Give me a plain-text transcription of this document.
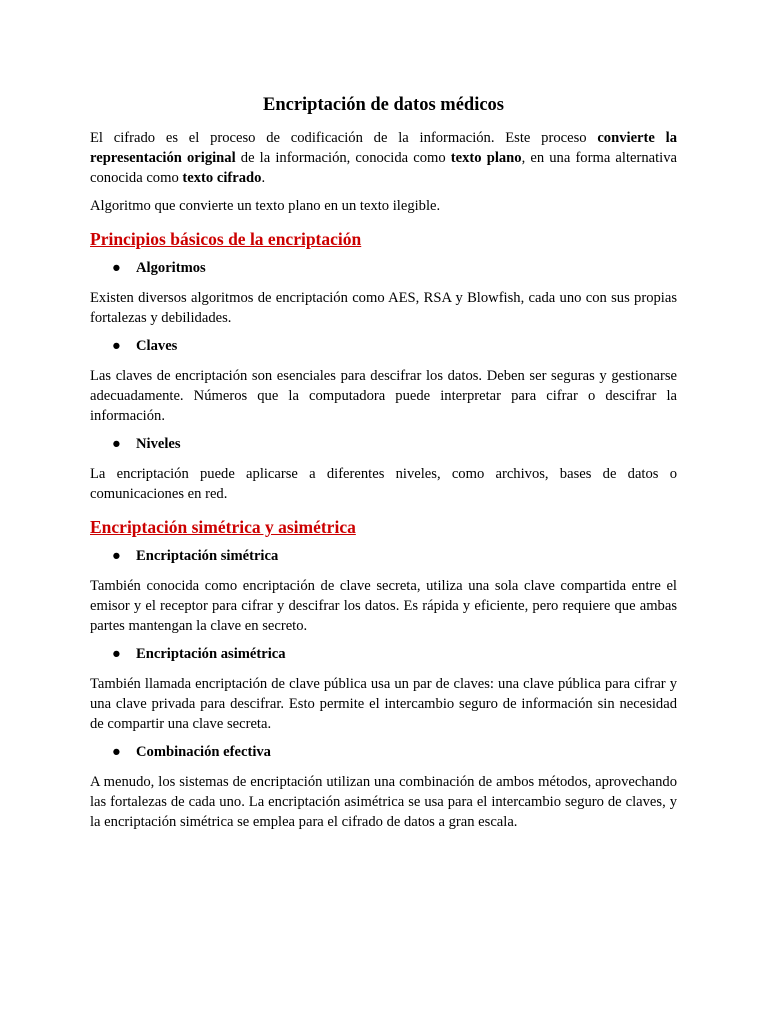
Encriptación de datos médicos

El cifrado es el proceso de codificación de la información. Este proceso convierte la representación original de la información, conocida como texto plano, en una forma alternativa conocida como texto cifrado.

Algoritmo que convierte un texto plano en un texto ilegible.

Principios básicos de la encriptación
● Algoritmos

Existen diversos algoritmos de encriptación como AES, RSA y Blowfish, cada uno con sus propias fortalezas y debilidades.

● Claves

Las claves de encriptación son esenciales para descifrar los datos. Deben ser seguras y gestionarse adecuadamente. Números que la computadora puede interpretar para cifrar o descifrar la información.

● Niveles

La encriptación puede aplicarse a diferentes niveles, como archivos, bases de datos o comunicaciones en red.

Encriptación simétrica y asimétrica
● Encriptación simétrica

También conocida como encriptación de clave secreta, utiliza una sola clave compartida entre el emisor y el receptor para cifrar y descifrar los datos. Es rápida y eficiente, pero requiere que ambas partes mantengan la clave en secreto.

● Encriptación asimétrica

También llamada encriptación de clave pública usa un par de claves: una clave pública para cifrar y una clave privada para descifrar. Esto permite el intercambio seguro de información sin necesidad de compartir una clave secreta.

● Combinación efectiva

A menudo, los sistemas de encriptación utilizan una combinación de ambos métodos, aprovechando las fortalezas de cada uno. La encriptación asimétrica se usa para el intercambio seguro de claves, y la encriptación simétrica se emplea para el cifrado de datos a gran escala.
